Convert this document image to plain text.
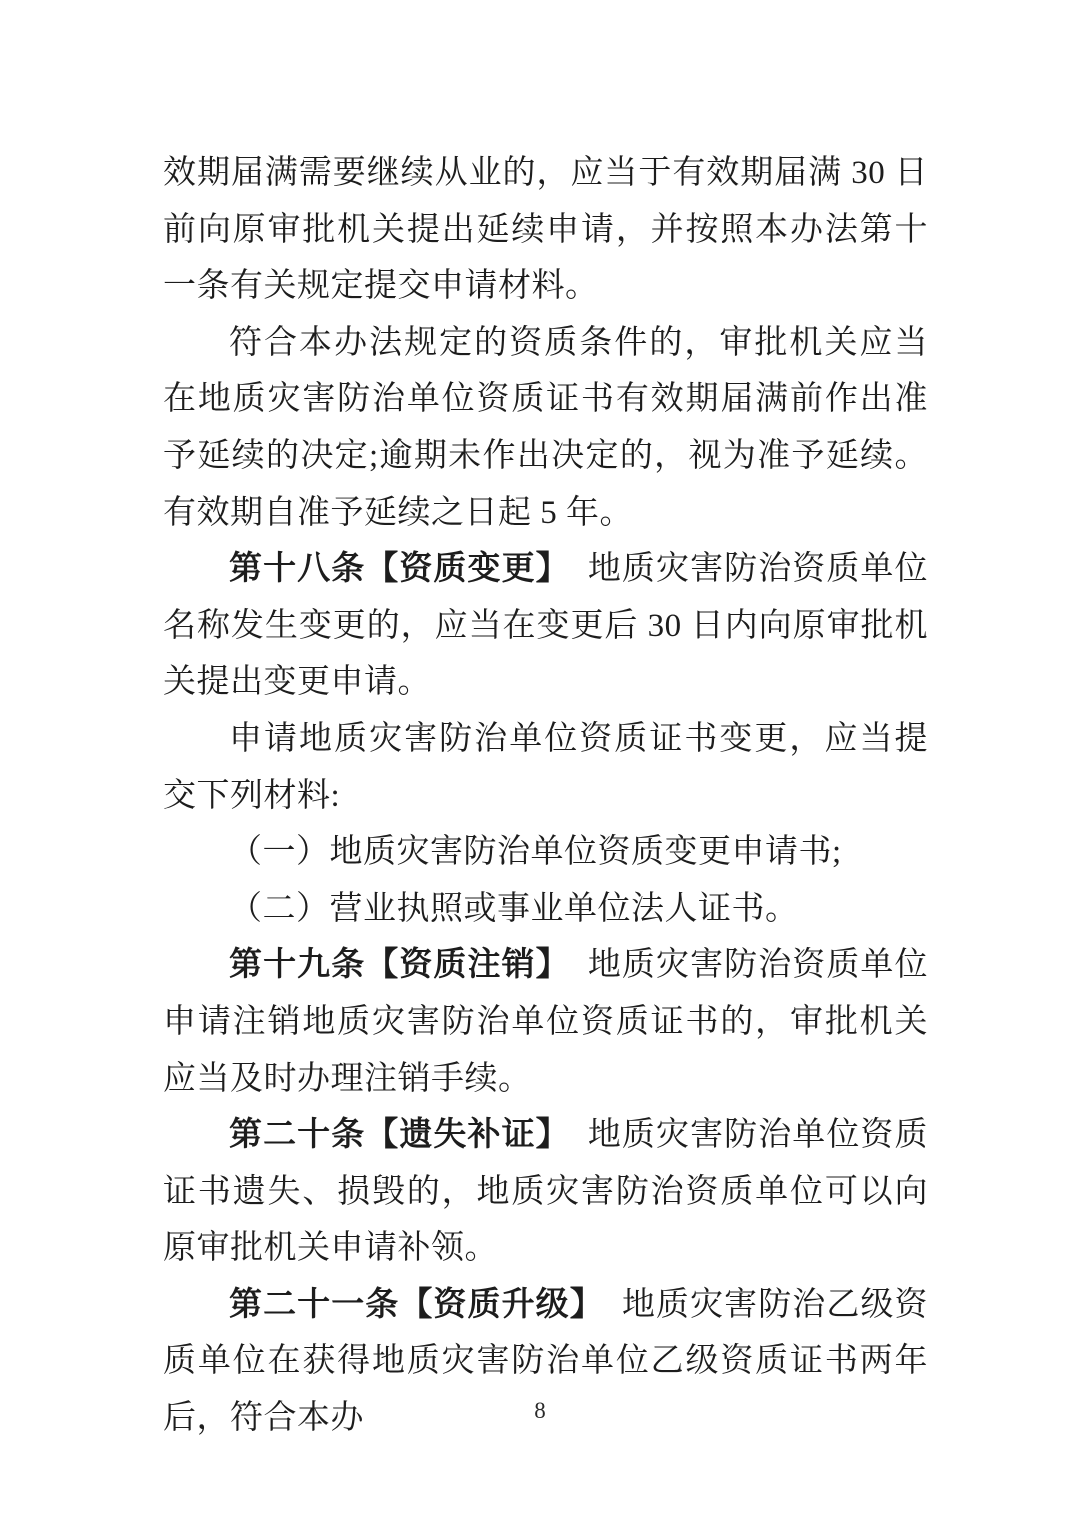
效期届满需要继续从业的，应当于有效期届满 30 日前向原审批机关提出延续申请，并按照本办法第十一条有关规定提交申请材料。

符合本办法规定的资质条件的，审批机关应当在地质灾害防治单位资质证书有效期届满前作出准予延续的决定;逾期未作出决定的，视为准予延续。有效期自准予延续之日起 5 年。

第十八条【资质变更】 地质灾害防治资质单位名称发生变更的，应当在变更后 30 日内向原审批机关提出变更申请。

申请地质灾害防治单位资质证书变更，应当提交下列材料:

（一）地质灾害防治单位资质变更申请书;

（二）营业执照或事业单位法人证书。

第十九条【资质注销】 地质灾害防治资质单位申请注销地质灾害防治单位资质证书的，审批机关应当及时办理注销手续。

第二十条【遗失补证】 地质灾害防治单位资质证书遗失、损毁的，地质灾害防治资质单位可以向原审批机关申请补领。

第二十一条【资质升级】 地质灾害防治乙级资质单位在获得地质灾害防治单位乙级资质证书两年后，符合本办	8
